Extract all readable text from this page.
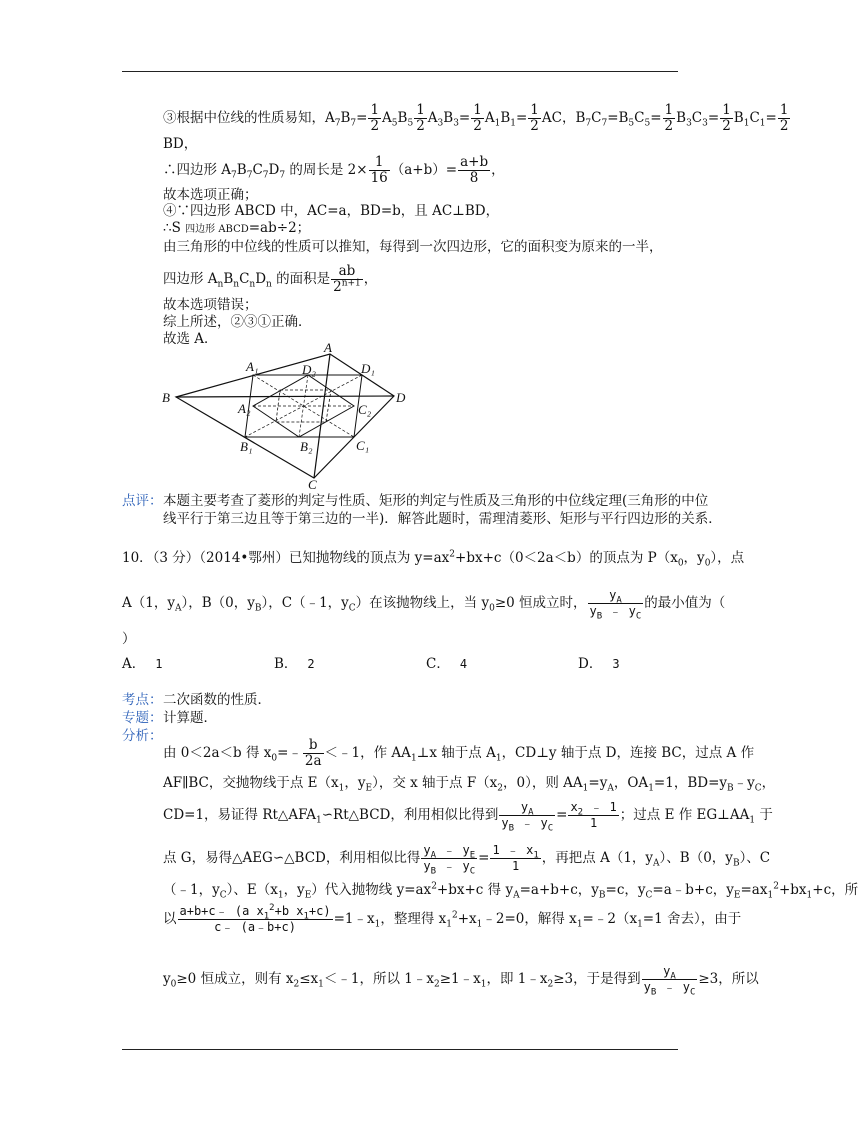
③根据中位线的性质易知，$A_7B_7= \frac{1}{2} A_5B_5 \frac{1}{2} A_3B_3= \frac{1}{2} A_1B_1= \frac{1}{2}$ AC，$B_7C_7=B_5C_5= \frac{1}{2} B_3C_3= \frac{1}{2} B_1C_1= \frac{1}{2}$
BD，
∴四边形 $A_7B_7C_7D_7$ 的周长是 $2\times \frac{1}{16} (a+b)= \frac{a+b}{8}$ ，
故本选项正确；
④∵四边形 ABCD 中，AC=a，BD=b，且 AC⊥BD，
∴S 四边形 ABCD=ab÷2；
由三角形的中位线的性质可以推知，每得到一次四边形，它的面积变为原来的一半，
四边形 $A_nB_nC_nD_n$ 的面积是 $\frac{ab}{2^{n+1}}$ ，
故本选项错误；
综上所述，②③①正确．
故选 A．
A
A₁	D₂	D₁
B
A₂	C₂
D
B₁	B₂	C₁
C
点评： 本题主要考查了菱形的判定与性质、矩形的判定与性质及三角形的中位线定理(三角形的中位
线平行于第三边且等于第三边的一半)．解答此题时，需理清菱形、矩形与平行四边形的关系．
10．（3 分）（2014•鄂州）已知抛物线的顶点为 $y=ax^2+bx+c(0<2a<b)$的顶点为 $P(x_0$，$y_0$），点
A（1，$y_A$），B（0，$y_B$），C（﹣1，$y_C$）在该抛物线上，当 $y_0\ge 0$ 恒成立时， $\frac{y_A}{y_B ﹣ y_C}$ 的最小值为（
）
A． 1	B． 2	C． 4	D． 3
考点： 二次函数的性质．
专题： 计算题．
分析：
由 0＜2a＜b 得 $x_0=﹣ \frac{b}{2a}$ ＜﹣1，作 $AA_1\perp x$ 轴于点 $A_1$，CD⊥y 轴于点 D，连接 BC，过点 A 作
AF∥BC，交抛物线于点 $E(x_1$，$y_E$），交 x 轴于点 $F(x_2$，0），则 $AA_1=y_A$，$OA_1=1$，$BD=y_B﹣y_C$，
CD=1，易证得 $Rt\triangle AFA_1∽Rt\triangle BCD$，利用相似比得到 $\frac{y_A}{y_B ﹣ y_C} = \frac{x_2 ﹣ 1}{1}$ ；过点 E 作 $EG\perp AA_1$ 于
点 G，易得△AEG∽△BCD，利用相似比得 $\frac{y_A ﹣ y_E}{y_B ﹣ y_C} = \frac{1 ﹣ x_1}{1}$ ，再把点 A（1，$y_A$）、B（0，$y_B$）、C
（﹣1，$y_C$）、$E(x_1$，$y_E$）代入抛物线 $y=ax^2+bx+c$ 得 $y_A=a+b+c$，$y_B=c$，$y_C=a﹣b+c$，$y_E=ax_1^2+bx_1+c$，所
以 $\frac{a+b+c﹣ (a x_1^2+b x_1+c)}{c﹣ (a﹣b+c)}$ $=1﹣x_1$，整理得 $x_1^2+x_1﹣2=0$，解得 $x_1=﹣2(x_1=1$ 舍去），由于
$y_0\ge 0$ 恒成立，则有 $x_2\le x_1<﹣1$，所以 $1﹣x_2\ge 1﹣x_1$，即 $1﹣x_2\ge 3$，于是得到 $\frac{y_A}{y_B ﹣ y_C} \ge 3$，所以
